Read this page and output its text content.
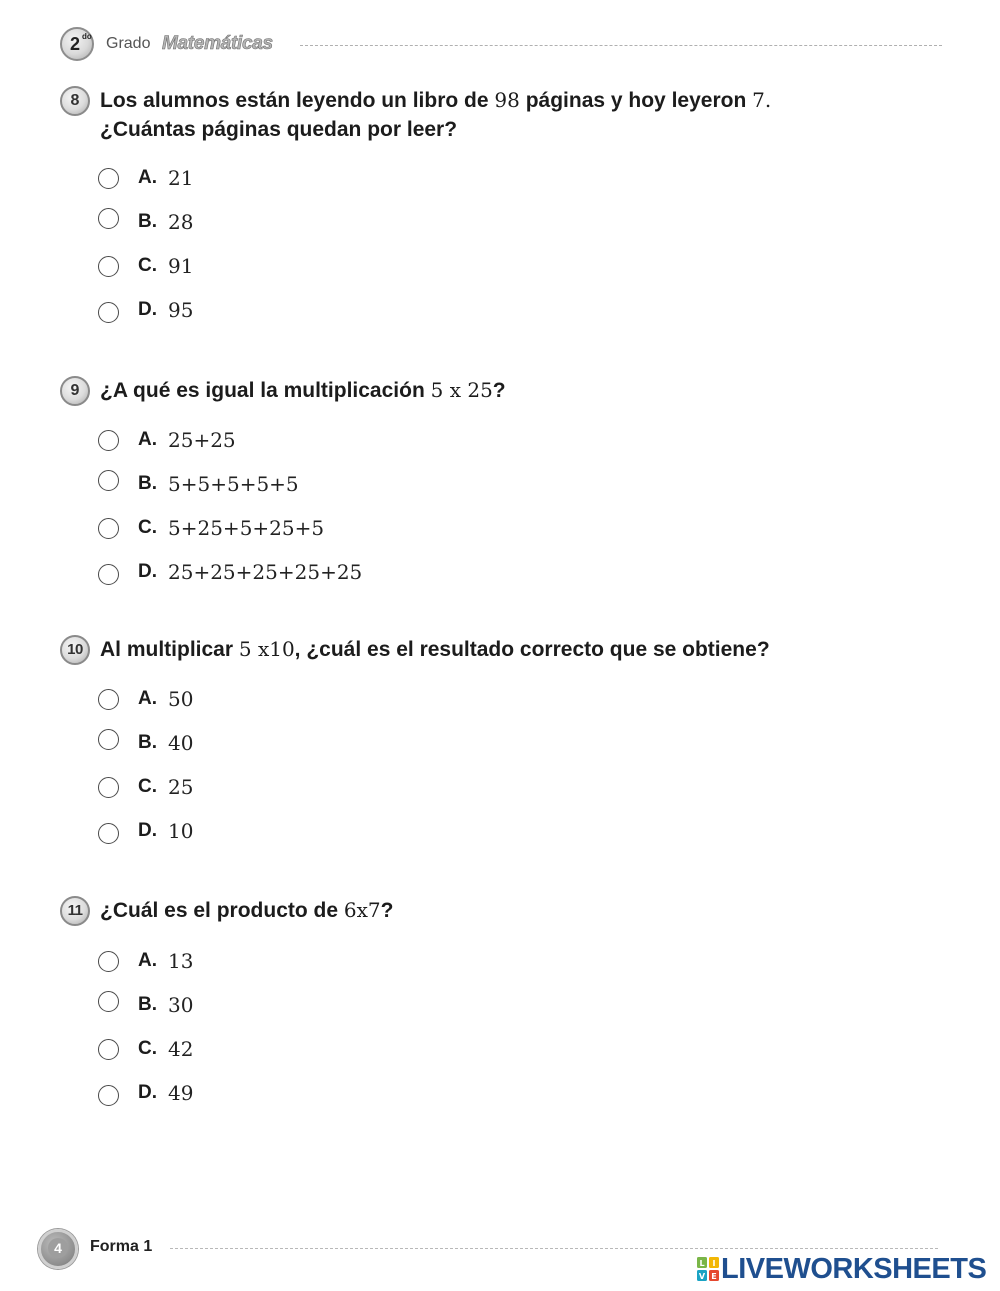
2 do Grado Matemáticas
8 Los alumnos están leyendo un libro de 98 páginas y hoy leyeron 7.
¿Cuántas páginas quedan por leer?
A. 21
B. 28
C. 91
D. 95
9 ¿A qué es igual la multiplicación 5 x 25?
A. 25+25
B. 5+5+5+5+5
C. 5+25+5+25+5
D. 25+25+25+25+25
10 Al multiplicar 5 x10, ¿cuál es el resultado correcto que se obtiene?
A. 50
B. 40
C. 25
D. 10
11 ¿Cuál es el producto de 6x7?
A. 13
B. 30
C. 42
D. 49
4	Forma 1
L I
V E LIVEWORKSHEETS
